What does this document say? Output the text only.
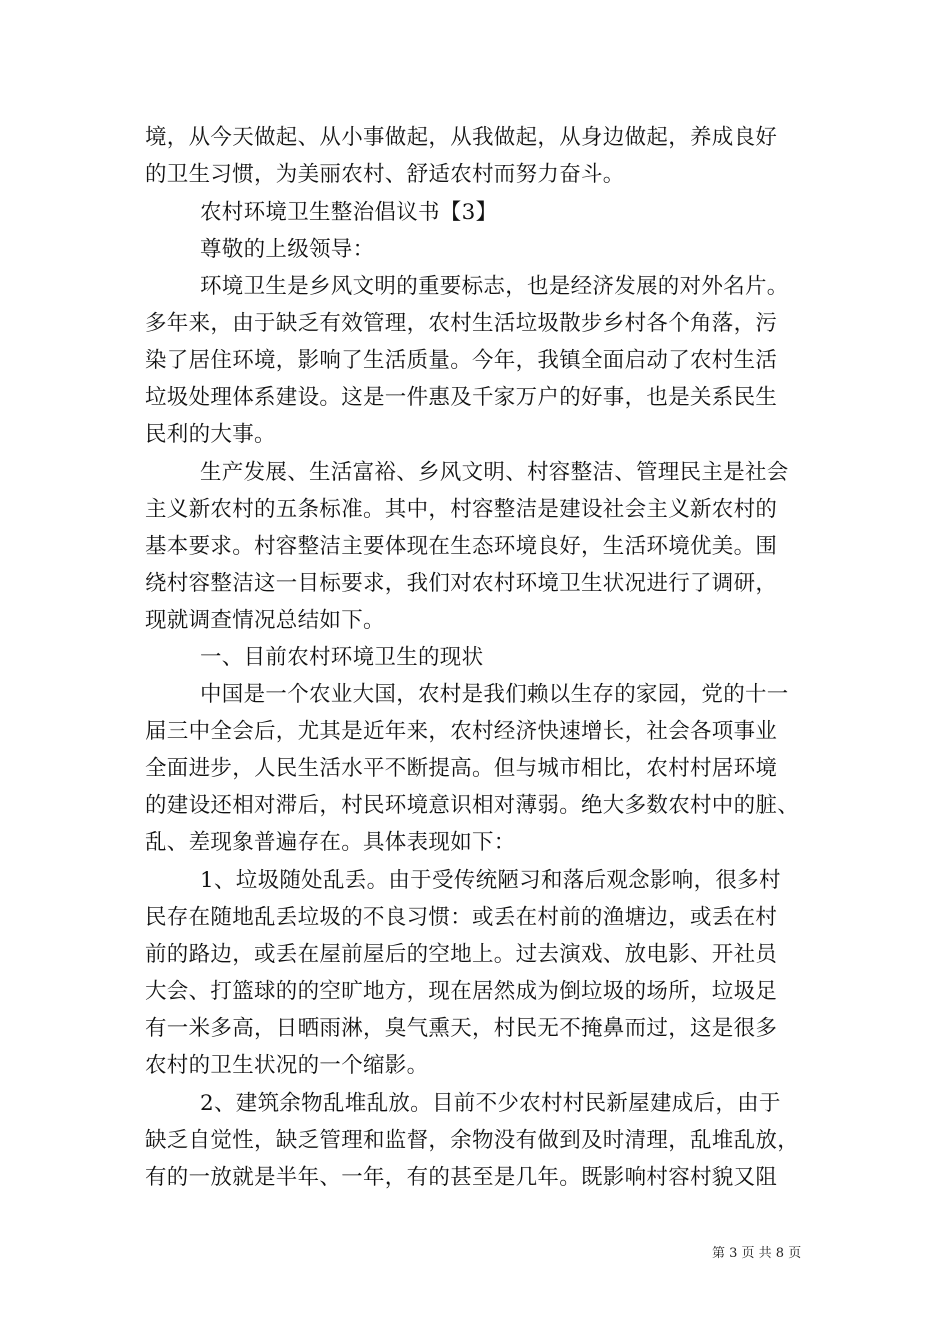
境，从今天做起、从小事做起，从我做起，从身边做起，养成良好
的卫生习惯，为美丽农村、舒适农村而努力奋斗。
农村环境卫生整治倡议书【3】
尊敬的上级领导：
环境卫生是乡风文明的重要标志，也是经济发展的对外名片。
多年来，由于缺乏有效管理，农村生活垃圾散步乡村各个角落，污
染了居住环境，影响了生活质量。今年，我镇全面启动了农村生活
垃圾处理体系建设。这是一件惠及千家万户的好事，也是关系民生
民利的大事。
生产发展、生活富裕、乡风文明、村容整洁、管理民主是社会
主义新农村的五条标准。其中，村容整洁是建设社会主义新农村的
基本要求。村容整洁主要体现在生态环境良好，生活环境优美。围
绕村容整洁这一目标要求，我们对农村环境卫生状况进行了调研，
现就调查情况总结如下。
一、目前农村环境卫生的现状
中国是一个农业大国，农村是我们赖以生存的家园，党的十一
届三中全会后，尤其是近年来，农村经济快速增长，社会各项事业
全面进步，人民生活水平不断提高。但与城市相比，农村村居环境
的建设还相对滞后，村民环境意识相对薄弱。绝大多数农村中的脏、
乱、差现象普遍存在。具体表现如下：
1、垃圾随处乱丢。由于受传统陋习和落后观念影响，很多村
民存在随地乱丢垃圾的不良习惯：或丢在村前的渔塘边，或丢在村
前的路边，或丢在屋前屋后的空地上。过去演戏、放电影、开社员
大会、打篮球的的空旷地方，现在居然成为倒垃圾的场所，垃圾足
有一米多高，日晒雨淋，臭气熏天，村民无不掩鼻而过，这是很多
农村的卫生状况的一个缩影。
2、建筑余物乱堆乱放。目前不少农村村民新屋建成后，由于
缺乏自觉性，缺乏管理和监督，余物没有做到及时清理，乱堆乱放，
有的一放就是半年、一年，有的甚至是几年。既影响村容村貌又阻
第 3 页 共 8 页
